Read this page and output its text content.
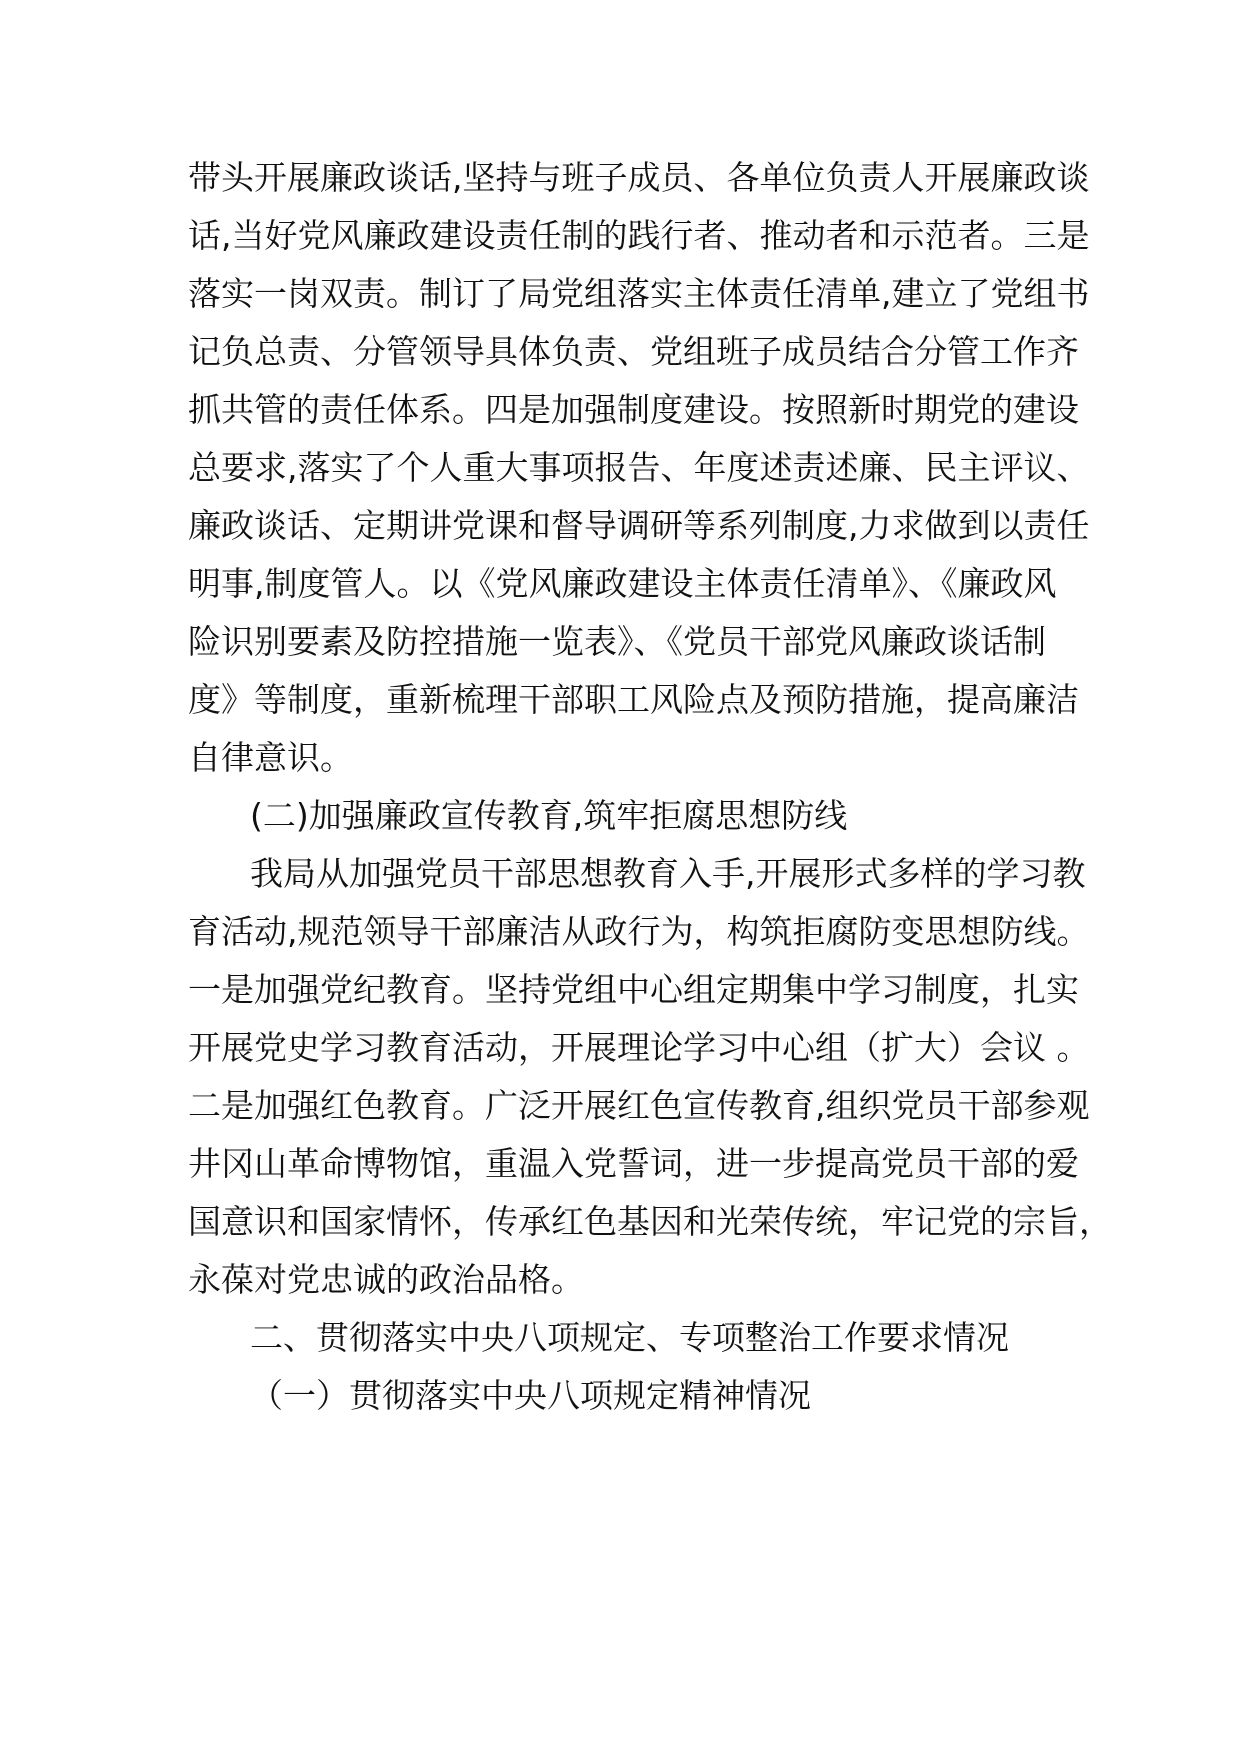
带头开展廉政谈话,坚持与班子成员、各单位负责人开展廉政谈
话,当好党风廉政建设责任制的践行者、推动者和示范者。三是
落实一岗双责。制订了局党组落实主体责任清单,建立了党组书
记负总责、分管领导具体负责、党组班子成员结合分管工作齐
抓共管的责任体系。四是加强制度建设。按照新时期党的建设
总要求,落实了个人重大事项报告、年度述责述廉、民主评议、
廉政谈话、定期讲党课和督导调研等系列制度,力求做到以责任
明事,制度管人。以《党风廉政建设主体责任清单》、《廉政风
险识别要素及防控措施一览表》、《党员干部党风廉政谈话制
度》等制度，重新梳理干部职工风险点及预防措施，提高廉洁
自律意识。
(二)加强廉政宣传教育,筑牢拒腐思想防线
我局从加强党员干部思想教育入手,开展形式多样的学习教
育活动,规范领导干部廉洁从政行为，构筑拒腐防变思想防线。
一是加强党纪教育。坚持党组中心组定期集中学习制度，扎实
开展党史学习教育活动，开展理论学习中心组（扩大）会议 。
二是加强红色教育。广泛开展红色宣传教育,组织党员干部参观
井冈山革命博物馆，重温入党誓词，进一步提高党员干部的爱
国意识和国家情怀，传承红色基因和光荣传统，牢记党的宗旨，
永葆对党忠诚的政治品格。
二、贯彻落实中央八项规定、专项整治工作要求情况
（一）贯彻落实中央八项规定精神情况
